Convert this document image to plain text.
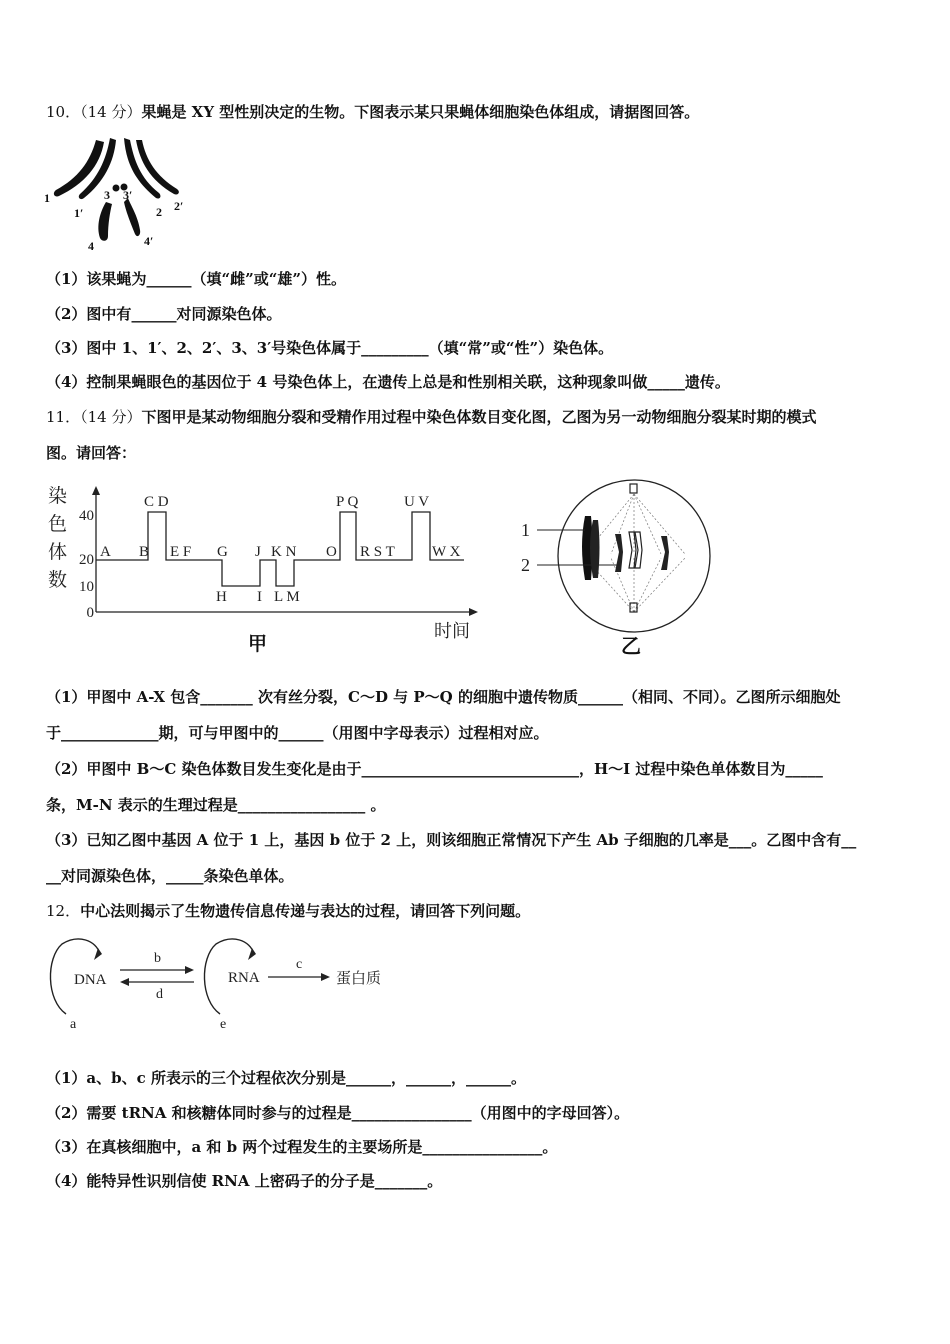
10．（14 分）果蝇是 XY 型性别决定的生物。下图表示某只果蝇体细胞染色体组成，请据图回答。
1
1′
3 3′
2 2′
4	4′
（1）该果蝇为______（填“雌”或“雄”）性。
（2）图中有______对同源染色体。
（3）图中 1、1′、2、2′、3、3′号染色体属于_________（填“常”或“性”）染色体。
（4）控制果蝇眼色的基因位于 4 号染色体上，在遗传上总是和性别相关联，这种现象叫做_____遗传。
11．（14 分）下图甲是某动物细胞分裂和受精作用过程中染色体数目变化图，乙图为另一动物细胞分裂某时期的模式
图。请回答：
染
色
体
数
40
20
10
0
C D	P Q	U V
A B E F G J K N O R S T W X
H I L M
时间
甲
1
2
乙
（1）甲图中 A-X 包含_______ 次有丝分裂，C～D 与 P～Q 的细胞中遗传物质______（相同、不同）。乙图所示细胞处
于_____________期，可与甲图中的______（用图中字母表示）过程相对应。
（2）甲图中 B～C 染色体数目发生变化是由于_____________________________，H～I 过程中染色单体数目为_____
条，M-N 表示的生理过程是_________________ 。
（3）已知乙图中基因 A 位于 1 上，基因 b 位于 2 上，则该细胞正常情况下产生 Ab 子细胞的几率是___。乙图中含有__
__对同源染色体，_____条染色单体。
12．中心法则揭示了生物遗传信息传递与表达的过程，请回答下列问题。
DNA
a
b
d
RNA
e
c
蛋白质
（1）a、b、c 所表示的三个过程依次分别是______，______，______。
（2）需要 tRNA 和核糖体同时参与的过程是________________（用图中的字母回答）。
（3）在真核细胞中，a 和 b 两个过程发生的主要场所是________________。
（4）能特异性识别信使 RNA 上密码子的分子是_______。
